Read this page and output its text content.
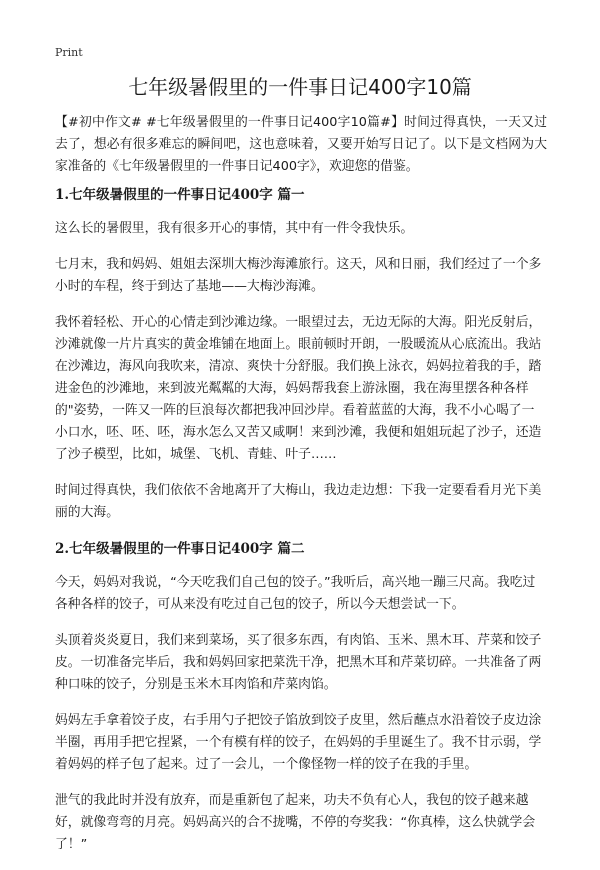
Print
七年级暑假里的一件事日记400字10篇

【#初中作文# #七年级暑假里的一件事日记400字10篇#】时间过得真快，一天又过去了，想必有很多难忘的瞬间吧，这也意味着，又要开始写日记了。以下是文档网为大家准备的《七年级暑假里的一件事日记400字》，欢迎您的借鉴。

1.七年级暑假里的一件事日记400字 篇一

这么长的暑假里，我有很多开心的事情，其中有一件令我快乐。

七月末，我和妈妈、姐姐去深圳大梅沙海滩旅行。这天，风和日丽，我们经过了一个多小时的车程，终于到达了基地——大梅沙海滩。

我怀着轻松、开心的心情走到沙滩边缘。一眼望过去，无边无际的大海。阳光反射后，沙滩就像一片片真实的黄金堆铺在地面上。眼前顿时开朗，一股暖流从心底流出。我站在沙滩边，海风向我吹来，清凉、爽快十分舒服。我们换上泳衣，妈妈拉着我的手，踏进金色的沙滩地，来到波光粼粼的大海，妈妈帮我套上游泳圈，我在海里摆各种各样的"姿势，一阵又一阵的巨浪每次都把我冲回沙岸。看着蓝蓝的大海，我不小心喝了一小口水，呸、呸、呸，海水怎么又苦又咸啊！来到沙滩，我便和姐姐玩起了沙子，还造了沙子模型，比如，城堡、飞机、青蛙、叶子……

时间过得真快，我们依依不舍地离开了大梅山，我边走边想：下我一定要看看月光下美丽的大海。

2.七年级暑假里的一件事日记400字 篇二

今天，妈妈对我说，“今天吃我们自己包的饺子。”我听后，高兴地一蹦三尺高。我吃过各种各样的饺子，可从来没有吃过自己包的饺子，所以今天想尝试一下。

头顶着炎炎夏日，我们来到菜场，买了很多东西，有肉馅、玉米、黑木耳、芹菜和饺子皮。一切准备完毕后，我和妈妈回家把菜洗干净，把黑木耳和芹菜切碎。一共准备了两种口味的饺子，分别是玉米木耳肉馅和芹菜肉馅。

妈妈左手拿着饺子皮，右手用勺子把饺子馅放到饺子皮里，然后蘸点水沿着饺子皮边涂半圈，再用手把它捏紧，一个有模有样的饺子，在妈妈的手里诞生了。我不甘示弱，学着妈妈的样子包了起来。过了一会儿，一个像怪物一样的饺子在我的手里。

泄气的我此时并没有放弃，而是重新包了起来，功夫不负有心人，我包的饺子越来越好，就像弯弯的月亮。妈妈高兴的合不拢嘴，不停的夸奖我：“你真棒，这么快就学会了！”
